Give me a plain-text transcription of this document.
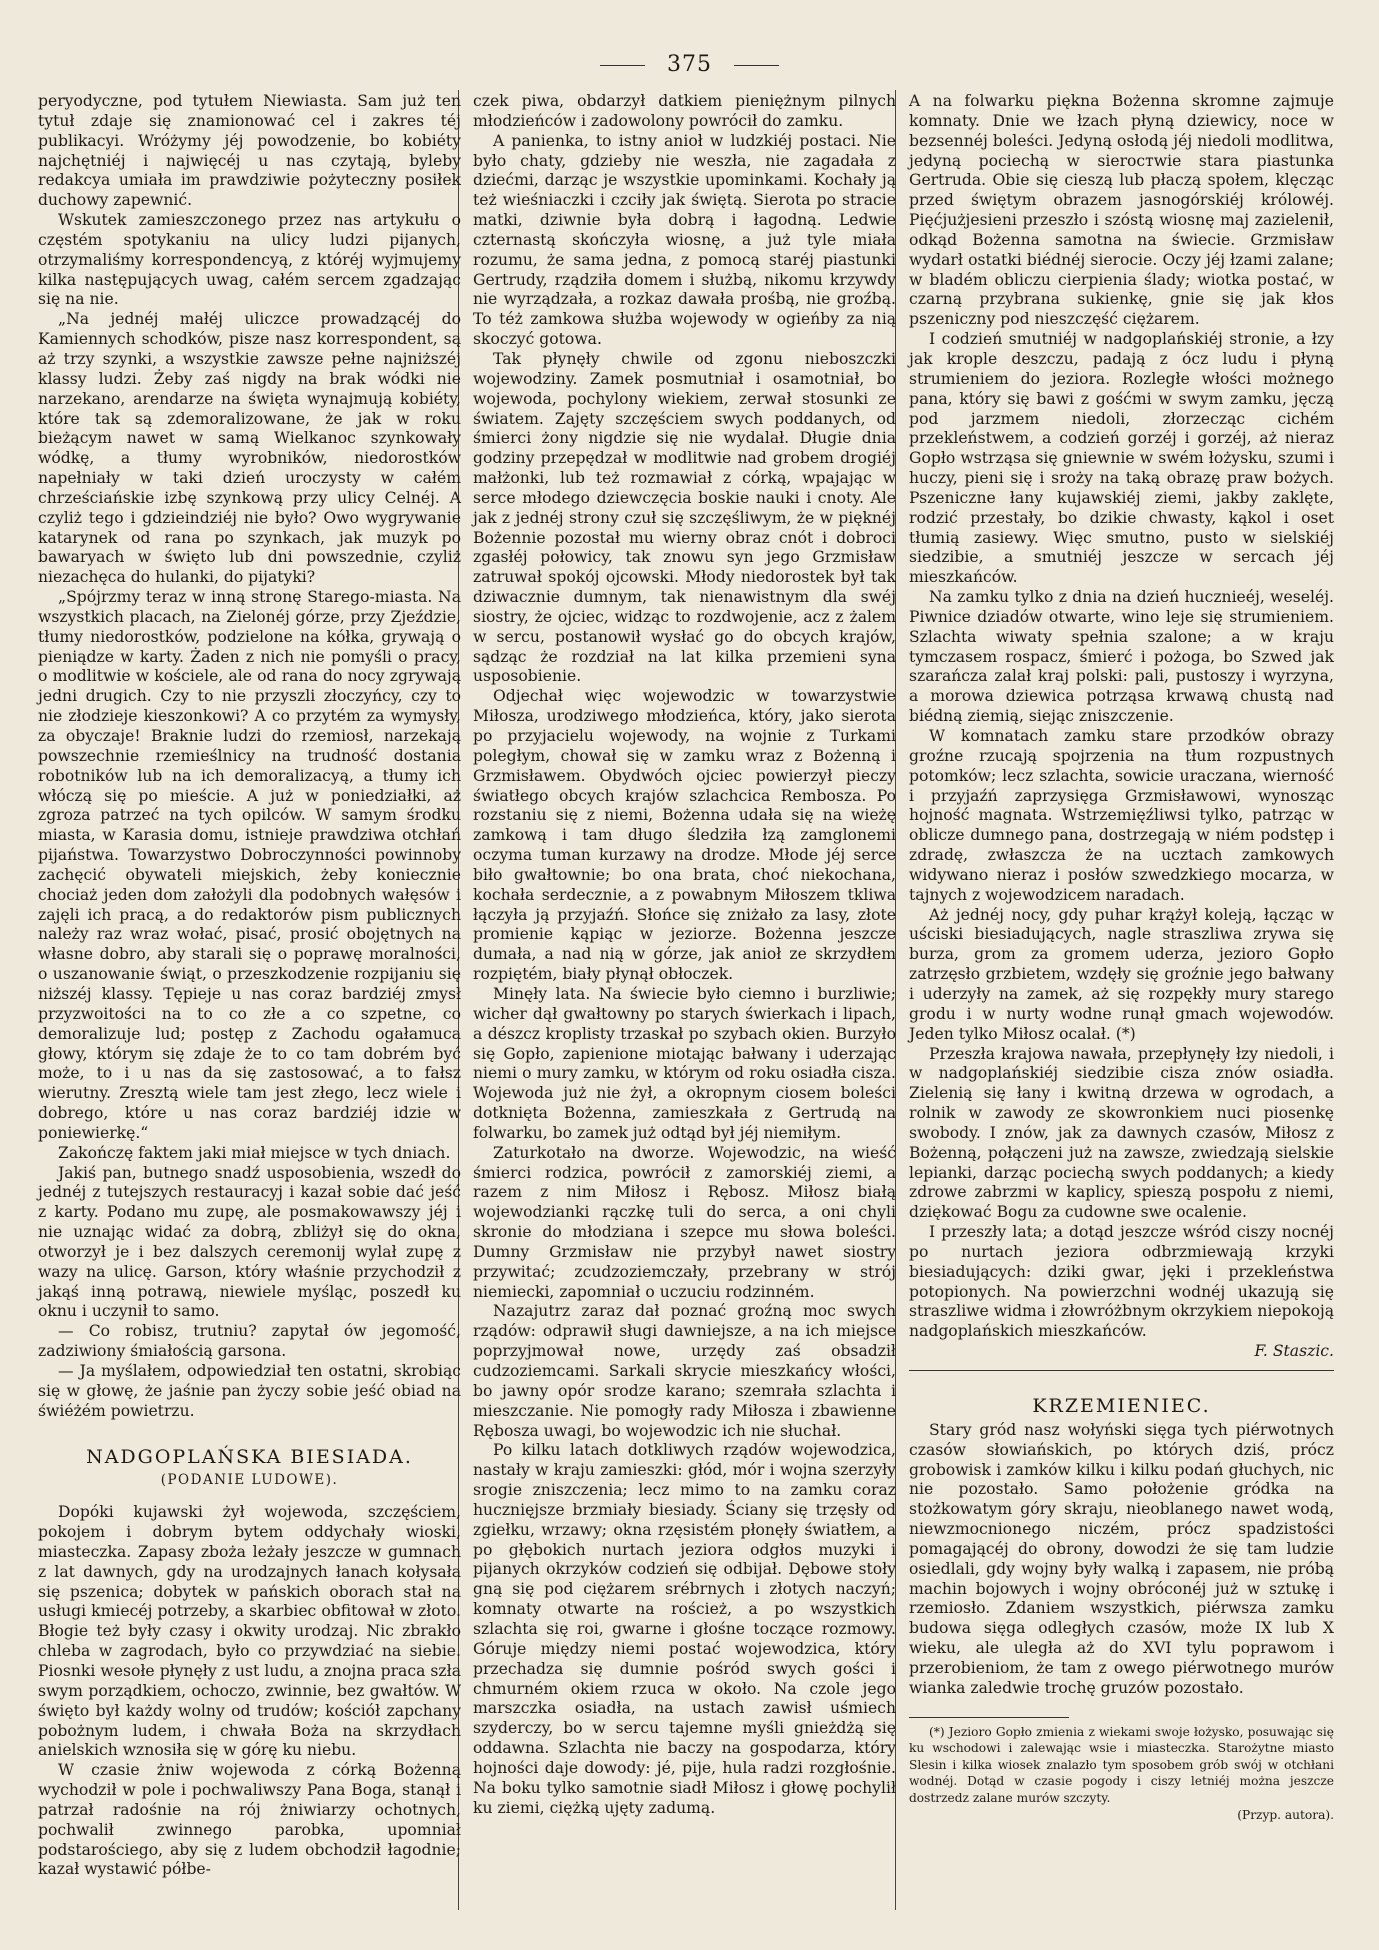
375

peryodyczne, pod tytułem Niewiasta. Sam już ten tytuł zdaje się znamionować cel i zakres téj publikacyi. Wróżymy jéj powodzenie, bo kobiéty najchętniéj i najwięcéj u nas czytają, byleby redakcya umiała im prawdziwie pożyteczny posiłek duchowy zapewnić.

Wskutek zamieszczonego przez nas artykułu o częstém spotykaniu na ulicy ludzi pijanych, otrzymaliśmy korrespondencyą, z któréj wyjmujemy kilka następujących uwag, całém sercem zgadzając się na nie.

„Na jednéj małéj uliczce prowadzącéj do Kamiennych schodków, pisze nasz korrespondent, są aż trzy szynki, a wszystkie zawsze pełne najniższéj klassy ludzi. Żeby zaś nigdy na brak wódki nie narzekano, arendarze na święta wynajmują kobiéty, które tak są zdemoralizowane, że jak w roku bieżącym nawet w samą Wielkanoc szynkowały wódkę, a tłumy wyrobników, niedorostków napełniały w taki dzień uroczysty w całém chrześciańskie izbę szynkową przy ulicy Celnéj. A czyliż tego i gdzieindziéj nie było? Owo wygrywanie katarynek od rana po szynkach, jak muzyk po bawaryach w święto lub dni powszednie, czyliż niezachęca do hulanki, do pijatyki?

„Spójrzmy teraz w inną stronę Starego-miasta. Na wszystkich placach, na Zielonéj górze, przy Zjeździe, tłumy niedorostków, podzielone na kółka, grywają o pieniądze w karty. Żaden z nich nie pomyśli o pracy, o modlitwie w kościele, ale od rana do nocy zgrywają jedni drugich. Czy to nie przyszli złoczyńcy, czy to nie złodzieje kieszonkowi? A co przytém za wymysły, za obyczaje! Braknie ludzi do rzemiosł, narzekają powszechnie rzemieślnicy na trudność dostania robotników lub na ich demoralizacyą, a tłumy ich włóczą się po mieście. A już w poniedziałki, aż zgroza patrzeć na tych opilców. W samym środku miasta, w Karasia domu, istnieje prawdziwa otchłań pijaństwa. Towarzystwo Dobroczynności powinnoby zachęcić obywateli miejskich, żeby koniecznie chociaż jeden dom założyli dla podobnych wałęsów i zajęli ich pracą, a do redaktorów pism publicznych należy raz wraz wołać, pisać, prosić obojętnych na własne dobro, aby starali się o poprawę moralności, o uszanowanie świąt, o przeszkodzenie rozpijaniu się niższéj klassy. Tępieje u nas coraz bardziéj zmysł przyzwoitości na to co złe a co szpetne, co demoralizuje lud; postęp z Zachodu ogałamuca głowy, którym się zdaje że to co tam dobrém być może, to i u nas da się zastosować, a to fałsz wierutny. Zresztą wiele tam jest złego, lecz wiele i dobrego, które u nas coraz bardziéj idzie w poniewierkę.“

Zakończę faktem jaki miał miejsce w tych dniach.

Jakiś pan, butnego snadź usposobienia, wszedł do jednéj z tutejszych restauracyj i kazał sobie dać jeść z karty. Podano mu zupę, ale posmakowawszy jéj i nie uznając widać za dobrą, zbliżył się do okna, otworzył je i bez dalszych ceremonij wylał zupę z wazy na ulicę. Garson, który właśnie przychodził z jakąś inną potrawą, niewiele myśląc, poszedł ku oknu i uczynił to samo.

— Co robisz, trutniu? zapytał ów jegomość, zadziwiony śmiałością garsona.

— Ja myślałem, odpowiedział ten ostatni, skrobiąc się w głowę, że jaśnie pan życzy sobie jeść obiad na świéżém powietrzu.

NADGOPLAŃSKA BIESIADA.
(PODANIE LUDOWE).

Dopóki kujawski żył wojewoda, szczęściem, pokojem i dobrym bytem oddychały wioski, miasteczka. Zapasy zboża leżały jeszcze w gumnach z lat dawnych, gdy na urodzajnych łanach kołysała się pszenica; dobytek w pańskich oborach stał na usługi kmiecéj potrzeby, a skarbiec obfitował w złoto. Błogie też były czasy i okwity urodzaj. Nic zbrakło chleba w zagrodach, było co przywdziać na siebie. Piosnki wesołe płynęły z ust ludu, a znojna praca szła swym porządkiem, ochoczo, zwinnie, bez gwałtów. W święto był każdy wolny od trudów; kościół zapchany pobożnym ludem, i chwała Boża na skrzydłach anielskich wznosiła się w górę ku niebu.

W czasie żniw wojewoda z córką Bożenną wychodził w pole i pochwaliwszy Pana Boga, stanął i patrzał radośnie na rój żniwiarzy ochotnych, pochwalił zwinnego parobka, upomniał podstarościego, aby się z ludem obchodził łagodnie; kazał wystawić półbe-

czek piwa, obdarzył datkiem pieniężnym pilnych młodzieńców i zadowolony powrócił do zamku.

A panienka, to istny anioł w ludzkiéj postaci. Nie było chaty, gdzieby nie weszła, nie zagadała z dziećmi, darząc je wszystkie upominkami. Kochały ją też wieśniaczki i czciły jak świętą. Sierota po stracie matki, dziwnie była dobrą i łagodną. Ledwie czternastą skończyła wiosnę, a już tyle miała rozumu, że sama jedna, z pomocą staréj piastunki Gertrudy, rządziła domem i służbą, nikomu krzywdy nie wyrządzała, a rozkaz dawała prośbą, nie groźbą. To téż zamkowa służba wojewody w ogieńby za nią skoczyć gotowa.

Tak płynęły chwile od zgonu nieboszczki wojewodziny. Zamek posmutniał i osamotniał, bo wojewoda, pochylony wiekiem, zerwał stosunki ze światem. Zajęty szczęściem swych poddanych, od śmierci żony nigdzie się nie wydalał. Długie dnia godziny przepędzał w modlitwie nad grobem drogiéj małżonki, lub też rozmawiał z córką, wpajając w serce młodego dziewczęcia boskie nauki i cnoty. Ale jak z jednéj strony czuł się szczęśliwym, że w pięknéj Bożennie pozostał mu wierny obraz cnót i dobroci zgasłéj połowicy, tak znowu syn jego Grzmisław zatruwał spokój ojcowski. Młody niedorostek był tak dziwacznie dumnym, tak nienawistnym dla swéj siostry, że ojciec, widząc to rozdwojenie, acz z żalem w sercu, postanowił wysłać go do obcych krajów, sądząc że rozdział na lat kilka przemieni syna usposobienie.

Odjechał więc wojewodzic w towarzystwie Miłosza, urodziwego młodzieńca, który, jako sierota po przyjacielu wojewody, na wojnie z Turkami poległym, chował się w zamku wraz z Bożenną i Grzmisławem. Obydwóch ojciec powierzył pieczy światłego obcych krajów szlachcica Rembosza. Po rozstaniu się z niemi, Bożenna udała się na wieżę zamkową i tam długo śledziła łzą zamglonemi oczyma tuman kurzawy na drodze. Młode jéj serce biło gwałtownie; bo ona brata, choć niekochana, kochała serdecznie, a z powabnym Miłoszem tkliwa łączyła ją przyjaźń. Słońce się zniżało za lasy, złote promienie kąpiąc w jeziorze. Bożenna jeszcze dumała, a nad nią w górze, jak anioł ze skrzydłem rozpiętém, biały płynął obłoczek.

Minęły lata. Na świecie było ciemno i burzliwie; wicher dął gwałtowny po starych świerkach i lipach, a dészcz kroplisty trzaskał po szybach okien. Burzyło się Gopło, zapienione miotając bałwany i uderzając niemi o mury zamku, w którym od roku osiadła cisza. Wojewoda już nie żył, a okropnym ciosem boleści dotknięta Bożenna, zamieszkała z Gertrudą na folwarku, bo zamek już odtąd był jéj niemiłym.

Zaturkotało na dworze. Wojewodzic, na wieść śmierci rodzica, powrócił z zamorskiéj ziemi, a razem z nim Miłosz i Rębosz. Miłosz białą wojewodzianki rączkę tuli do serca, a oni chyli skronie do młodziana i szepce mu słowa boleści. Dumny Grzmisław nie przybył nawet siostry przywitać; zcudzoziemczały, przebrany w strój niemiecki, zapomniał o uczuciu rodzinném.

Nazajutrz zaraz dał poznać groźną moc swych rządów: odprawił sługi dawniejsze, a na ich miejsce poprzyjmował nowe, urzędy zaś obsadził cudzoziemcami. Sarkali skrycie mieszkańcy włości, bo jawny opór srodze karano; szemrała szlachta i mieszczanie. Nie pomogły rady Miłosza i zbawienne Rębosza uwagi, bo wojewodzic ich nie słuchał.

Po kilku latach dotkliwych rządów wojewodzica, nastały w kraju zamieszki: głód, mór i wojna szerzyły srogie zniszczenia; lecz mimo to na zamku coraz hucznięjsze brzmiały biesiady. Ściany się trzęsły od zgiełku, wrzawy; okna rzęsistém płonęły światłem, a po głębokich nurtach jeziora odgłos muzyki i pijanych okrzyków codzień się odbijał. Dębowe stoły gną się pod ciężarem srébrnych i złotych naczyń; komnaty otwarte na roścież, a po wszystkich szlachta się roi, gwarne i głośne toczące rozmowy. Góruje między niemi postać wojewodzica, który przechadza się dumnie pośród swych gości i chmurném okiem rzuca w około. Na czole jego marszczka osiadła, na ustach zawisł uśmiech szyderczy, bo w sercu tajemne myśli gnieżdżą się oddawna. Szlachta nie baczy na gospodarza, który hojności daje dowody: jé, pije, hula radzi rozgłośnie. Na boku tylko samotnie siadł Miłosz i głowę pochylił ku ziemi, ciężką ujęty zadumą.

A na folwarku piękna Bożenna skromne zajmuje komnaty. Dnie we łzach płyną dziewicy, noce w bezsennéj boleści. Jedyną osłodą jéj niedoli modlitwa, jedyną pociechą w sierocтwie stara piastunka Gertruda. Obie się cieszą lub płaczą społem, klęcząc przed świętym obrazem jasnogórskiéj królowéj. Pięćjużjesieni przeszło i szóstą wiosnę maj zazielenił, odkąd Bożenna samotna na świecie. Grzmisław wydarł ostatki biédnéj sierocie. Oczy jéj łzami zalane; w bladém obliczu cierpienia ślady; wiotka postać, w czarną przybrana sukienkę, gnie się jak kłos pszeniczny pod nieszczęść ciężarem.

I codzień smutniéj w nadgoplańskiéj stronie, a łzy jak krople deszczu, padają z ócz ludu i płyną strumieniem do jeziora. Rozległe włości możnego pana, który się bawi z gośćmi w swym zamku, jęczą pod jarzmem niedoli, złorzecząc cichém przekleństwem, a codzień gorzéj i gorzéj, aż nieraz Gopło wstrząsa się gniewnie w swém łożysku, szumi i huczy, pieni się i sroży na taką obrazę praw bożych. Pszeniczne łany kujawskiéj ziemi, jakby zaklęte, rodzić przestały, bo dzikie chwasty, kąkol i oset tłumią zasiewy. Więc smutno, pusto w sielskiéj siedzibie, a smutniéj jeszcze w sercach jéj mieszkańców.

Na zamku tylko z dnia na dzień hucznieéj, weseléj. Piwnice dziadów otwarte, wino leje się strumieniem. Szlachta wiwaty spełnia szalone; a w kraju tymczasem rospacz, śmierć i pożoga, bo Szwed jak szarańcza zalał kraj polski: pali, pustoszy i wyrzyna, a morowa dziewica potrząsa krwawą chustą nad biédną ziemią, siejąc zniszczenie.

W komnatach zamku stare przodków obrazy groźne rzucają spojrzenia na tłum rozpustnych potomków; lecz szlachta, sowicie uraczana, wierność i przyjaźń zaprzysięga Grzmisławowi, wynosząc hojność magnata. Wstrzemięźliwsi tylko, patrząc w oblicze dumnego pana, dostrzegają w niém podstęp i zdradę, zwłaszcza że na ucztach zamkowych widywano nieraz i posłów szwedzkiego mocarza, w tajnych z wojewodzicem naradach.

Aż jednéj nocy, gdy puhar krążył koleją, łącząc w uściski biesiadujących, nagle straszliwa zrywa się burza, grom za gromem uderza, jezioro Gopło zatrzęsło grzbietem, wzdęły się groźnie jego bałwany i uderzyły na zamek, aż się rozpękły mury starego grodu i w nurty wodne runął gmach wojewodów. Jeden tylko Miłosz ocalał. (*)

Przeszła krajowa nawała, przepłynęły łzy niedoli, i w nadgoplańskiéj siedzibie cisza znów osiadła. Zielenią się łany i kwitną drzewa w ogrodach, a rolnik w zawody ze skowronkiem nuci piosenkę swobody. I znów, jak za dawnych czasów, Miłosz z Bożenną, połączeni już na zawsze, zwiedzają sielskie lepianki, darząc pociechą swych poddanych; a kiedy zdrowe zabrzmi w kaplicy, spieszą pospołu z niemi, dziękować Bogu za cudowne swe ocalenie.

I przeszły lata; a dotąd jeszcze wśród ciszy nocnéj po nurtach jeziora odbrzmiewają krzyki biesiadujących: dziki gwar, jęki i przekleństwa potopionych. Na powierzchni wodnéj ukazują się straszliwe widma i złowróżbnym okrzykiem niepokoją nadgoplańskich mieszkańców.

F. Staszic.
KRZEMIENIEC.

Stary gród nasz wołyński sięga tych piérwotnych czasów słowiańskich, po których dziś, prócz grobowisk i zamków kilku i kilku podań głuchych, nic nie pozostało. Samo położenie gródka na stożkowatym góry skraju, nieoblanego nawet wodą, niewzmocnionego niczém, prócz spadzistości pomagającéj do obrony, dowodzi że się tam ludzie osiedlali, gdy wojny były walką i zapasem, nie próbą machin bojowych i wojny obróconéj już w sztukę i rzemiosło. Zdaniem wszystkich, piérwsza zamku budowa sięga odległych czasów, może IX lub X wieku, ale uległa aż do XVI tylu poprawom i przerobieniom, że tam z owego piérwotnego murów wianka zaledwie trochę gruzów pozostało.

(*) Jezioro Gopło zmienia z wiekami swoje łożysko, posuwając się ku wschodowi i zalewając wsie i miasteczka. Starożytne miasto Slesin i kilka wiosek znalazło tym sposobem grób swój w otchłani wodnéj. Dotąd w czasie pogody i ciszy letniéj można jeszcze dostrzedz zalane murów szczyty.

(Przyp. autora).
